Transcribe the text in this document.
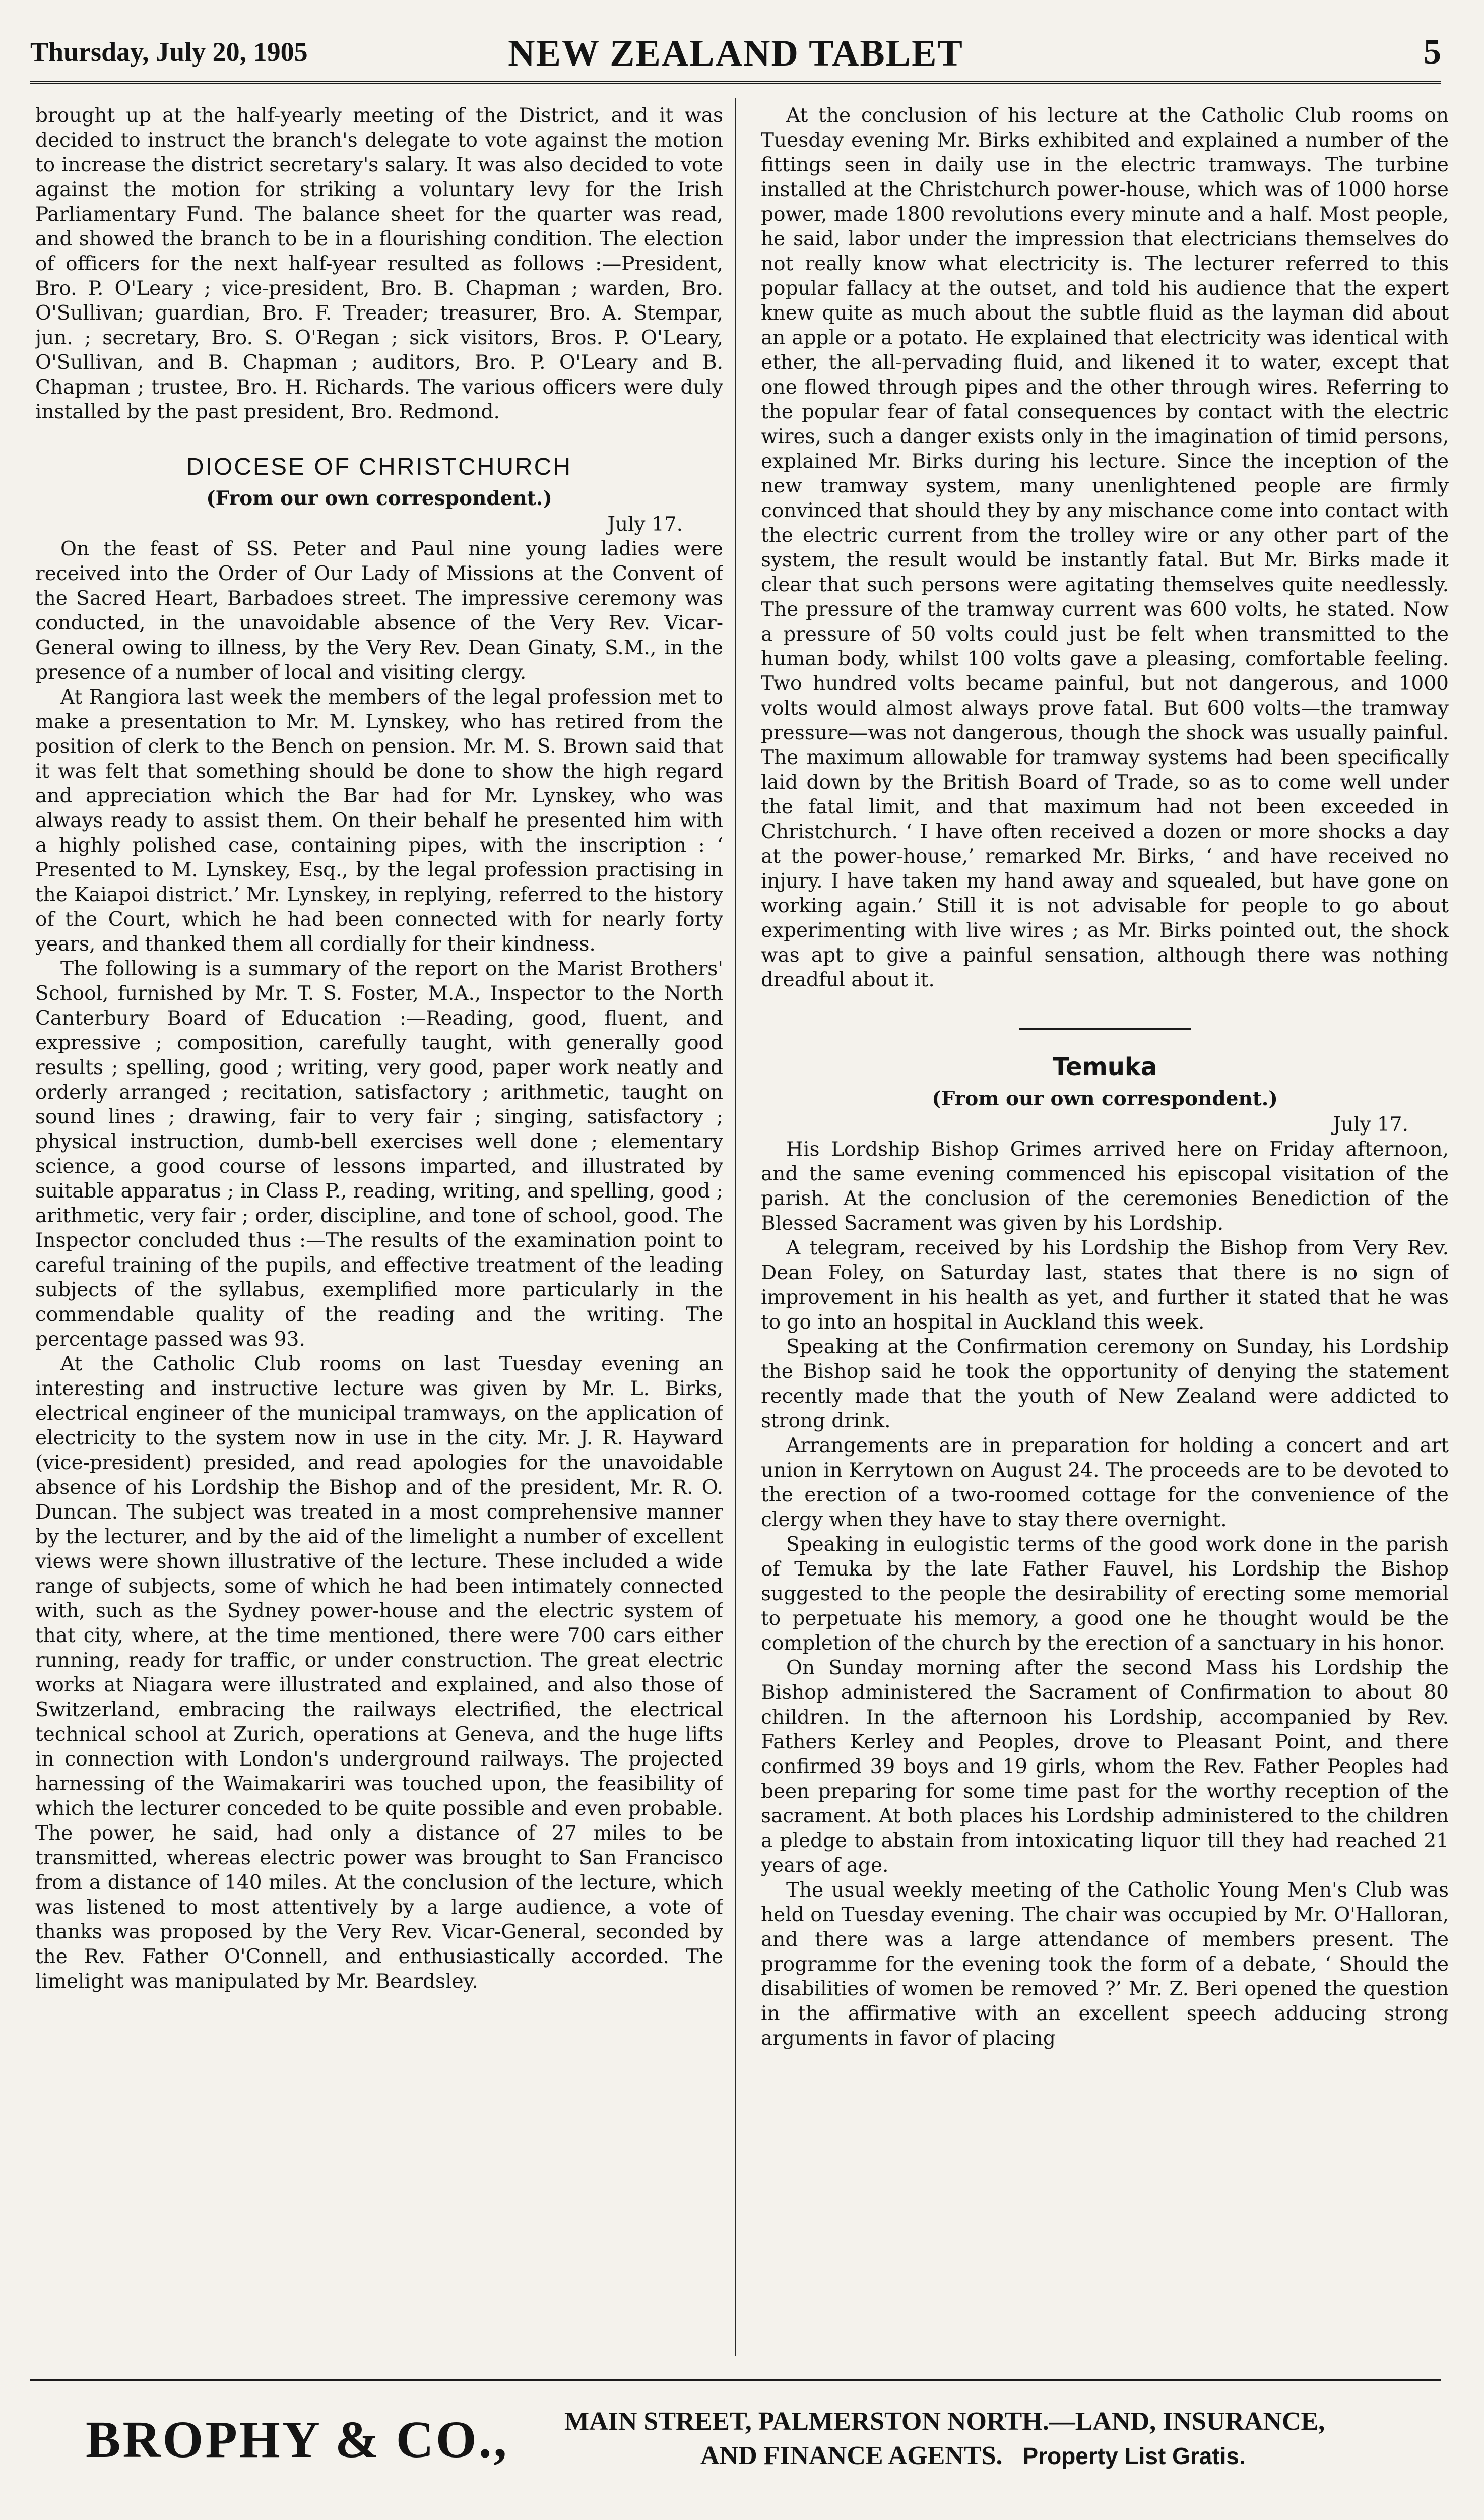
Thursday, July 20, 1905	NEW ZEALAND TABLET	5

brought up at the half-yearly meeting of the District, and it was decided to instruct the branch's delegate to vote against the motion to increase the district secretary's salary. It was also decided to vote against the motion for striking a voluntary levy for the Irish Parliamentary Fund. The balance sheet for the quarter was read, and showed the branch to be in a flourishing condition. The election of officers for the next half-year resulted as follows :—President, Bro. P. O'Leary ; vice-president, Bro. B. Chapman ; warden, Bro. O'Sullivan; guardian, Bro. F. Treader; treasurer, Bro. A. Stempar, jun. ; secretary, Bro. S. O'Regan ; sick visitors, Bros. P. O'Leary, O'Sullivan, and B. Chapman ; auditors, Bro. P. O'Leary and B. Chapman ; trustee, Bro. H. Richards. The various officers were duly installed by the past president, Bro. Redmond.

DIOCESE OF CHRISTCHURCH
(From our own correspondent.)
July 17.

On the feast of SS. Peter and Paul nine young ladies were received into the Order of Our Lady of Missions at the Convent of the Sacred Heart, Barbadoes street. The impressive ceremony was conducted, in the unavoidable absence of the Very Rev. Vicar-General owing to illness, by the Very Rev. Dean Ginaty, S.M., in the presence of a number of local and visiting clergy.

At Rangiora last week the members of the legal profession met to make a presentation to Mr. M. Lynskey, who has retired from the position of clerk to the Bench on pension. Mr. M. S. Brown said that it was felt that something should be done to show the high regard and appreciation which the Bar had for Mr. Lynskey, who was always ready to assist them. On their behalf he presented him with a highly polished case, containing pipes, with the inscription : ‘ Presented to M. Lynskey, Esq., by the legal profession practising in the Kaiapoi district.’ Mr. Lynskey, in replying, referred to the history of the Court, which he had been connected with for nearly forty years, and thanked them all cordially for their kindness.

The following is a summary of the report on the Marist Brothers' School, furnished by Mr. T. S. Foster, M.A., Inspector to the North Canterbury Board of Education :—Reading, good, fluent, and expressive ; composition, carefully taught, with generally good results ; spelling, good ; writing, very good, paper work neatly and orderly arranged ; recitation, satisfactory ; arithmetic, taught on sound lines ; drawing, fair to very fair ; singing, satisfactory ; physical instruction, dumb-bell exercises well done ; elementary science, a good course of lessons imparted, and illustrated by suitable apparatus ; in Class P., reading, writing, and spelling, good ; arithmetic, very fair ; order, discipline, and tone of school, good. The Inspector concluded thus :—The results of the examination point to careful training of the pupils, and effective treatment of the leading subjects of the syllabus, exemplified more particularly in the commendable quality of the reading and the writing. The percentage passed was 93.

At the Catholic Club rooms on last Tuesday evening an interesting and instructive lecture was given by Mr. L. Birks, electrical engineer of the municipal tramways, on the application of electricity to the system now in use in the city. Mr. J. R. Hayward (vice-president) presided, and read apologies for the unavoidable absence of his Lordship the Bishop and of the president, Mr. R. O. Duncan. The subject was treated in a most comprehensive manner by the lecturer, and by the aid of the limelight a number of excellent views were shown illustrative of the lecture. These included a wide range of subjects, some of which he had been intimately connected with, such as the Sydney power-house and the electric system of that city, where, at the time mentioned, there were 700 cars either running, ready for traffic, or under construction. The great electric works at Niagara were illustrated and explained, and also those of Switzerland, embracing the railways electrified, the electrical technical school at Zurich, operations at Geneva, and the huge lifts in connection with London's underground railways. The projected harnessing of the Waimakariri was touched upon, the feasibility of which the lecturer conceded to be quite possible and even probable. The power, he said, had only a distance of 27 miles to be transmitted, whereas electric power was brought to San Francisco from a distance of 140 miles. At the conclusion of the lecture, which was listened to most attentively by a large audience, a vote of thanks was proposed by the Very Rev. Vicar-General, seconded by the Rev. Father O'Connell, and enthusiastically accorded. The limelight was manipulated by Mr. Beardsley.

At the conclusion of his lecture at the Catholic Club rooms on Tuesday evening Mr. Birks exhibited and explained a number of the fittings seen in daily use in the electric tramways. The turbine installed at the Christchurch power-house, which was of 1000 horse power, made 1800 revolutions every minute and a half. Most people, he said, labor under the impression that electricians themselves do not really know what electricity is. The lecturer referred to this popular fallacy at the outset, and told his audience that the expert knew quite as much about the subtle fluid as the layman did about an apple or a potato. He explained that electricity was identical with ether, the all-pervading fluid, and likened it to water, except that one flowed through pipes and the other through wires. Referring to the popular fear of fatal consequences by contact with the electric wires, such a danger exists only in the imagination of timid persons, explained Mr. Birks during his lecture. Since the inception of the new tramway system, many unenlightened people are firmly convinced that should they by any mischance come into contact with the electric current from the trolley wire or any other part of the system, the result would be instantly fatal. But Mr. Birks made it clear that such persons were agitating themselves quite needlessly. The pressure of the tramway current was 600 volts, he stated. Now a pressure of 50 volts could just be felt when transmitted to the human body, whilst 100 volts gave a pleasing, comfortable feeling. Two hundred volts became painful, but not dangerous, and 1000 volts would almost always prove fatal. But 600 volts—the tramway pressure—was not dangerous, though the shock was usually painful. The maximum allowable for tramway systems had been specifically laid down by the British Board of Trade, so as to come well under the fatal limit, and that maximum had not been exceeded in Christchurch. ‘ I have often received a dozen or more shocks a day at the power-house,’ remarked Mr. Birks, ‘ and have received no injury. I have taken my hand away and squealed, but have gone on working again.’ Still it is not advisable for people to go about experimenting with live wires ; as Mr. Birks pointed out, the shock was apt to give a painful sensation, although there was nothing dreadful about it.

Temuka
(From our own correspondent.)
July 17.

His Lordship Bishop Grimes arrived here on Friday afternoon, and the same evening commenced his episcopal visitation of the parish. At the conclusion of the ceremonies Benediction of the Blessed Sacrament was given by his Lordship.

A telegram, received by his Lordship the Bishop from Very Rev. Dean Foley, on Saturday last, states that there is no sign of improvement in his health as yet, and further it stated that he was to go into an hospital in Auckland this week.

Speaking at the Confirmation ceremony on Sunday, his Lordship the Bishop said he took the opportunity of denying the statement recently made that the youth of New Zealand were addicted to strong drink.

Arrangements are in preparation for holding a concert and art union in Kerrytown on August 24. The proceeds are to be devoted to the erection of a two-roomed cottage for the convenience of the clergy when they have to stay there overnight.

Speaking in eulogistic terms of the good work done in the parish of Temuka by the late Father Fauvel, his Lordship the Bishop suggested to the people the desirability of erecting some memorial to perpetuate his memory, a good one he thought would be the completion of the church by the erection of a sanctuary in his honor.

On Sunday morning after the second Mass his Lordship the Bishop administered the Sacrament of Confirmation to about 80 children. In the afternoon his Lordship, accompanied by Rev. Fathers Kerley and Peoples, drove to Pleasant Point, and there confirmed 39 boys and 19 girls, whom the Rev. Father Peoples had been preparing for some time past for the worthy reception of the sacrament. At both places his Lordship administered to the children a pledge to abstain from intoxicating liquor till they had reached 21 years of age.

The usual weekly meeting of the Catholic Young Men's Club was held on Tuesday evening. The chair was occupied by Mr. O'Halloran, and there was a large attendance of members present. The programme for the evening took the form of a debate, ‘ Should the disabilities of women be removed ?’ Mr. Z. Beri opened the question in the affirmative with an excellent speech adducing strong arguments in favor of placing

BROPHY & CO., MAIN STREET, PALMERSTON NORTH.—LAND, INSURANCE,
AND FINANCE AGENTS. Property List Gratis.
